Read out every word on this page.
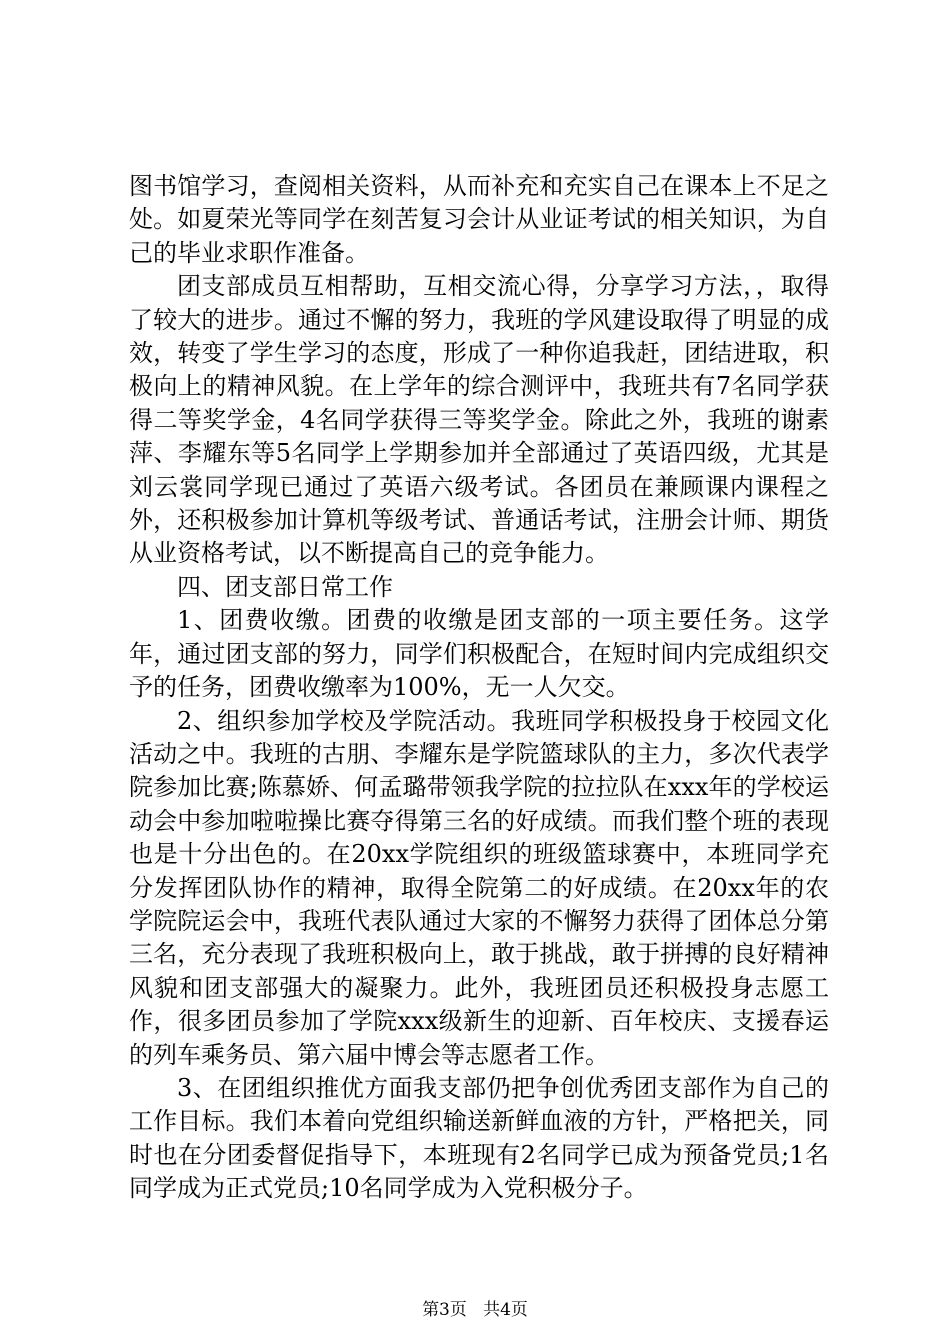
图书馆学习，查阅相关资料，从而补充和充实自己在课本上不足之处。如夏荣光等同学在刻苦复习会计从业证考试的相关知识，为自己的毕业求职作准备。

团支部成员互相帮助，互相交流心得，分享学习方法，，取得了较大的进步。通过不懈的努力，我班的学风建设取得了明显的成效，转变了学生学习的态度，形成了一种你追我赶，团结进取，积极向上的精神风貌。在上学年的综合测评中，我班共有7名同学获得二等奖学金，4名同学获得三等奖学金。除此之外，我班的谢素萍、李耀东等5名同学上学期参加并全部通过了英语四级，尤其是刘云裳同学现已通过了英语六级考试。各团员在兼顾课内课程之外，还积极参加计算机等级考试、普通话考试，注册会计师、期货从业资格考试，以不断提高自己的竞争能力。

四、团支部日常工作

1、团费收缴。团费的收缴是团支部的一项主要任务。这学年，通过团支部的努力，同学们积极配合，在短时间内完成组织交予的任务，团费收缴率为100%，无一人欠交。

2、组织参加学校及学院活动。我班同学积极投身于校园文化活动之中。我班的古朋、李耀东是学院篮球队的主力，多次代表学院参加比赛;陈慕娇、何孟璐带领我学院的拉拉队在xxx年的学校运动会中参加啦啦操比赛夺得第三名的好成绩。而我们整个班的表现也是十分出色的。在20xx学院组织的班级篮球赛中，本班同学充分发挥团队协作的精神，取得全院第二的好成绩。在20xx年的农学院院运会中，我班代表队通过大家的不懈努力获得了团体总分第三名，充分表现了我班积极向上，敢于挑战，敢于拼搏的良好精神风貌和团支部强大的凝聚力。此外，我班团员还积极投身志愿工作，很多团员参加了学院xxx级新生的迎新、百年校庆、支援春运的列车乘务员、第六届中博会等志愿者工作。

3、在团组织推优方面我支部仍把争创优秀团支部作为自己的工作目标。我们本着向党组织输送新鲜血液的方针，严格把关，同时也在分团委督促指导下，本班现有2名同学已成为预备党员;1名同学成为正式党员;10名同学成为入党积极分子。

第3页 共4页
